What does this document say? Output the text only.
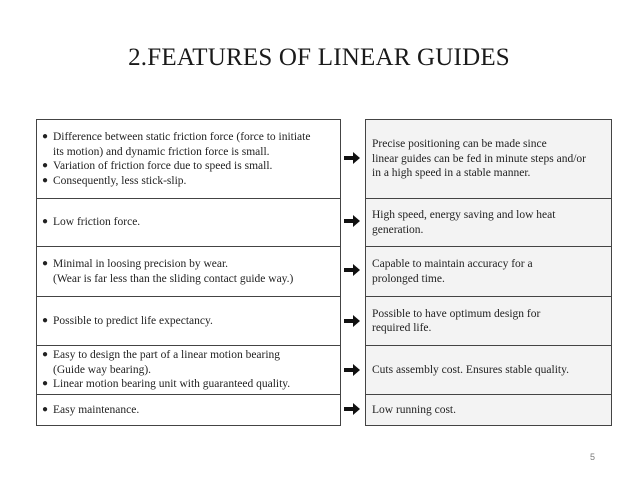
2.FEATURES OF LINEAR GUIDES
● Difference between static friction force (force to initiate
its motion) and dynamic friction force is small.
● Variation of friction force due to speed is small.
● Consequently, less stick-slip.
● Low friction force.
● Minimal in loosing precision by wear.
(Wear is far less than the sliding contact guide way.)
● Possible to predict life expectancy.
● Easy to design the part of a linear motion bearing
(Guide way bearing).
● Linear motion bearing unit with guaranteed quality.
● Easy maintenance.
Precise positioning can be made since
linear guides can be fed in minute steps and/or
in a high speed in a stable manner.
High speed, energy saving and low heat
generation.
Capable to maintain accuracy for a
prolonged time.
Possible to have optimum design for
required life.
Cuts assembly cost. Ensures stable quality.
Low running cost.
5
